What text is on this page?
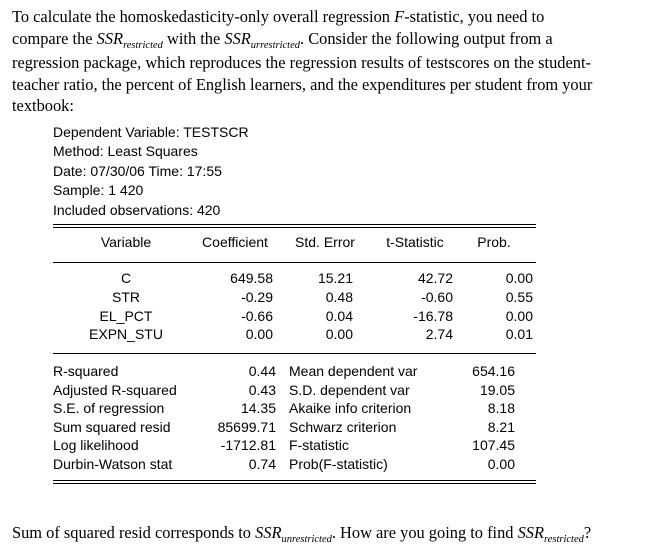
To calculate the homoskedasticity-only overall regression F-statistic, you need to
compare the $SSR_{restricted}$ with the $SSR_{urrestricted}$. Consider the following output from a
regression package, which reproduces the regression results of testscores on the student-
teacher ratio, the percent of English learners, and the expenditures per student from your
textbook:
Dependent Variable: TESTSCR
Method: Least Squares
Date: 07/30/06 Time: 17:55
Sample: 1 420
Included observations: 420
Variable	Coefficient	Std. Error	t-Statistic	Prob.
C	649.58	15.21	42.72	0.00
STR	-0.29	0.48	-0.60	0.55
EL_PCT	-0.66	0.04	-16.78	0.00
EXPN_STU	0.00	0.00	2.74	0.01
R-squared	0.44 Mean dependent var	654.16
Adjusted R-squared	0.43 S.D. dependent var	19.05
S.E. of regression	14.35 Akaike info criterion	8.18
Sum squared resid	85699.71 Schwarz criterion	8.21
Log likelihood	-1712.81 F-statistic	107.45
Durbin-Watson stat	0.74 Prob(F-statistic)	0.00
Sum of squared resid corresponds to $SSR_{unrestricted}$. How are you going to find $SSR_{restricted}$?
